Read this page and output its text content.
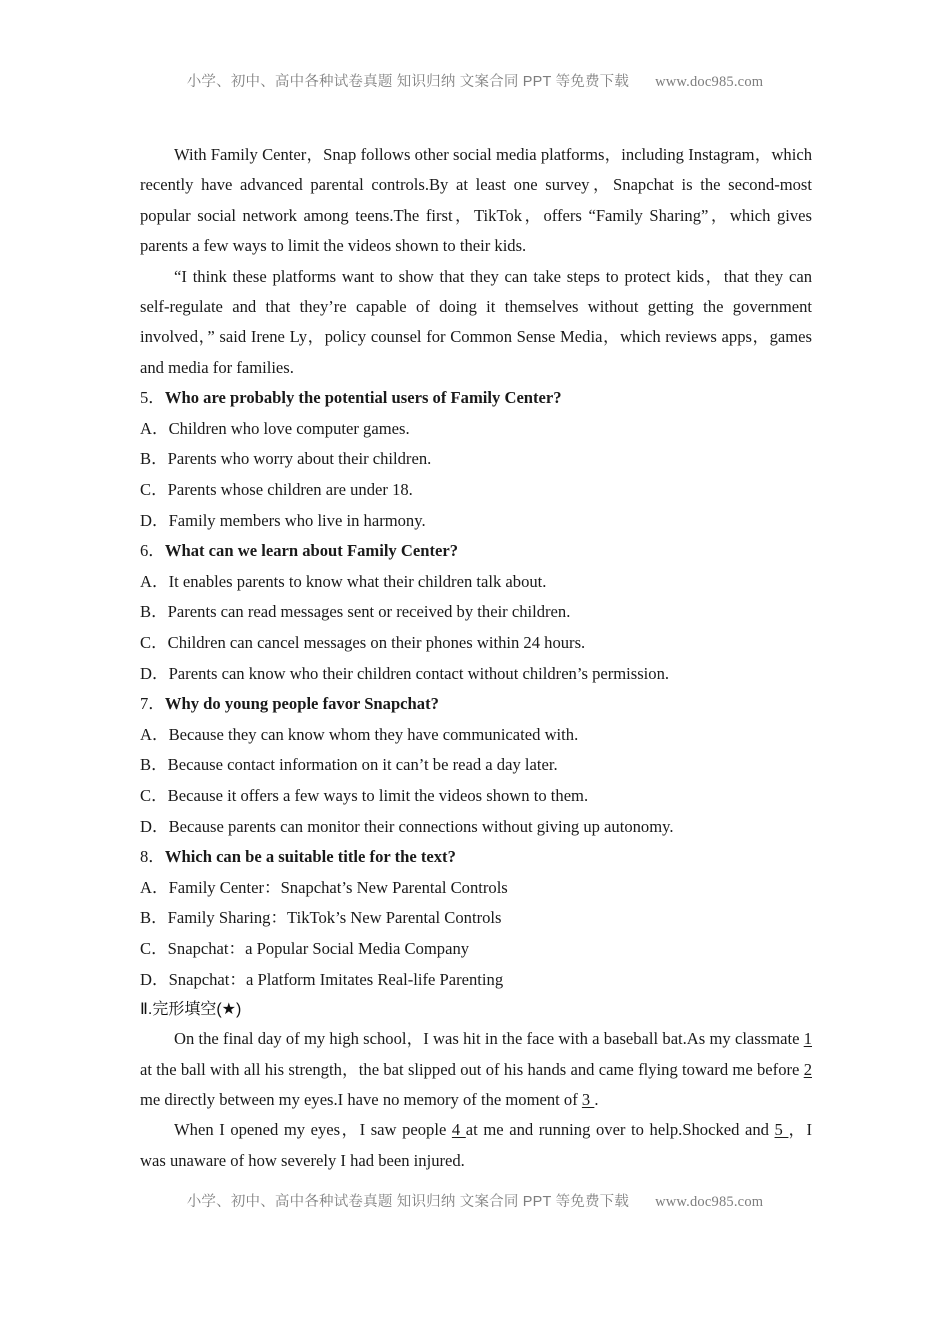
小学、初中、高中各种试卷真题 知识归纳 文案合同 PPT 等免费下载 www.doc985.com

With Family Center，Snap follows other social media platforms，including Instagram，which recently have advanced parental controls.By at least one survey，Snapchat is the second-most popular social network among teens.The first，TikTok，offers “Family Sharing”，which gives parents a few ways to limit the videos shown to their kids.

“I think these platforms want to show that they can take steps to protect kids，that they can self-regulate and that they’re capable of doing it themselves without getting the government involved，” said Irene Ly，policy counsel for Common Sense Media，which reviews apps，games and media for families.

5．Who are probably the potential users of Family Center?

A．Children who love computer games.

B．Parents who worry about their children.

C．Parents whose children are under 18.

D．Family members who live in harmony.

6．What can we learn about Family Center?

A．It enables parents to know what their children talk about.

B．Parents can read messages sent or received by their children.

C．Children can cancel messages on their phones within 24 hours.

D．Parents can know who their children contact without children’s permission.

7．Why do young people favor Snapchat?

A．Because they can know whom they have communicated with.

B．Because contact information on it can’t be read a day later.

C．Because it offers a few ways to limit the videos shown to them.

D．Because parents can monitor their connections without giving up autonomy.

8．Which can be a suitable title for the text?

A．Family Center：Snapchat’s New Parental Controls

B．Family Sharing：TikTok’s New Parental Controls

C．Snapchat：a Popular Social Media Company

D．Snapchat：a Platform Imitates Real-life Parenting

Ⅱ.完形填空(★)

On the final day of my high school，I was hit in the face with a baseball bat.As my classmate 1 at the ball with all his strength，the bat slipped out of his hands and came flying toward me before 2 me directly between my eyes.I have no memory of the moment of 3 .

When I opened my eyes，I saw people 4 at me and running over to help.Shocked and 5 ，I was unaware of how severely I had been injured.

小学、初中、高中各种试卷真题 知识归纳 文案合同 PPT 等免费下载 www.doc985.com
